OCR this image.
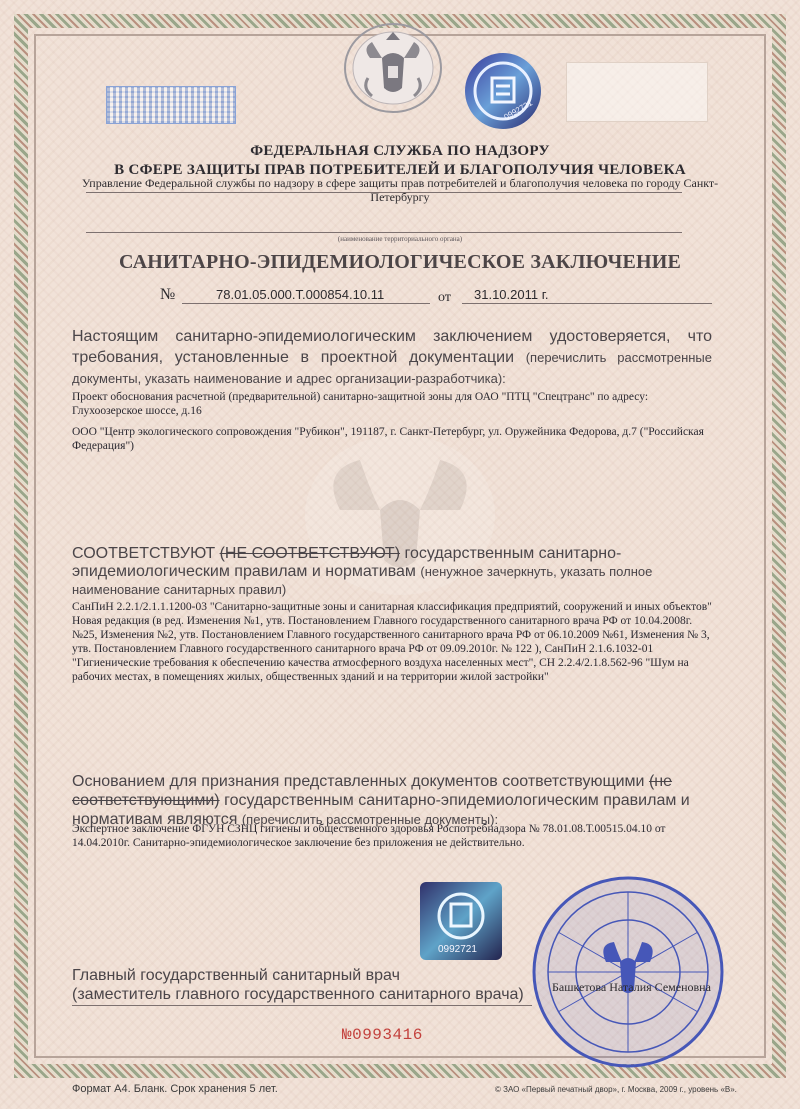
0992721
ФЕДЕРАЛЬНАЯ СЛУЖБА ПО НАДЗОРУ
В СФЕРЕ ЗАЩИТЫ ПРАВ ПОТРЕБИТЕЛЕЙ И БЛАГОПОЛУЧИЯ ЧЕЛОВЕКА
Управление Федеральной службы по надзору в сфере защиты прав потребителей и благополучия человека по городу Санкт-Петербургу
(наименование территориального органа)
САНИТАРНО-ЭПИДЕМИОЛОГИЧЕСКОЕ ЗАКЛЮЧЕНИЕ
№	78.01.05.000.Т.000854.10.11	от 31.10.2011 г.
Настоящим санитарно-эпидемиологическим заключением удостоверяется, что требования, установленные в проектной документации (перечислить рассмотренные документы, указать наименование и адрес организации-разработчика):
Проект обоснования расчетной (предварительной) санитарно-защитной зоны для ОАО "ПТЦ "Спецтранс" по адресу: Глухоозерское шоссе, д.16
ООО "Центр экологического сопровождения "Рубикон", 191187, г. Санкт-Петербург, ул. Оружейника Федорова, д.7 ("Российская Федерация")
СООТВЕТСТВУЮТ (НЕ СООТВЕТСТВУЮТ) государственным санитарно-эпидемиологическим правилам и нормативам (ненужное зачеркнуть, указать полное наименование санитарных правил)
СанПиН 2.2.1/2.1.1.1200-03 "Санитарно-защитные зоны и санитарная классификация предприятий, сооружений и иных объектов" Новая редакция (в ред. Изменения №1, утв. Постановлением Главного государственного санитарного врача РФ от 10.04.2008г. №25, Изменения №2, утв. Постановлением Главного государственного санитарного врача РФ от 06.10.2009 №61, Изменения № 3, утв. Постановлением Главного государственного санитарного врача РФ от 09.09.2010г. № 122 ), СанПиН 2.1.6.1032-01 "Гигиенические требования к обеспечению качества атмосферного воздуха населенных мест", СН 2.2.4/2.1.8.562-96 "Шум на рабочих местах, в помещениях жилых, общественных зданий и на территории жилой застройки"
Основанием для признания представленных документов соответствующими (не соответствующими) государственным санитарно-эпидемиологическим правилам и нормативам являются (перечислить рассмотренные документы):
Экспертное заключение ФГУН СЗНЦ гигиены и общественного здоровья Роспотребнадзора № 78.01.08.Т.00515.04.10 от 14.04.2010г. Санитарно-эпидемиологическое заключение без приложения не действительно.
0992721
Главный государственный санитарный врач
(заместитель главного государственного санитарного врача) Башкетова Наталия Семеновна
№0993416
Формат А4. Бланк. Срок хранения 5 лет.	© ЗАО «Первый печатный двор», г. Москва, 2009 г., уровень «В».
